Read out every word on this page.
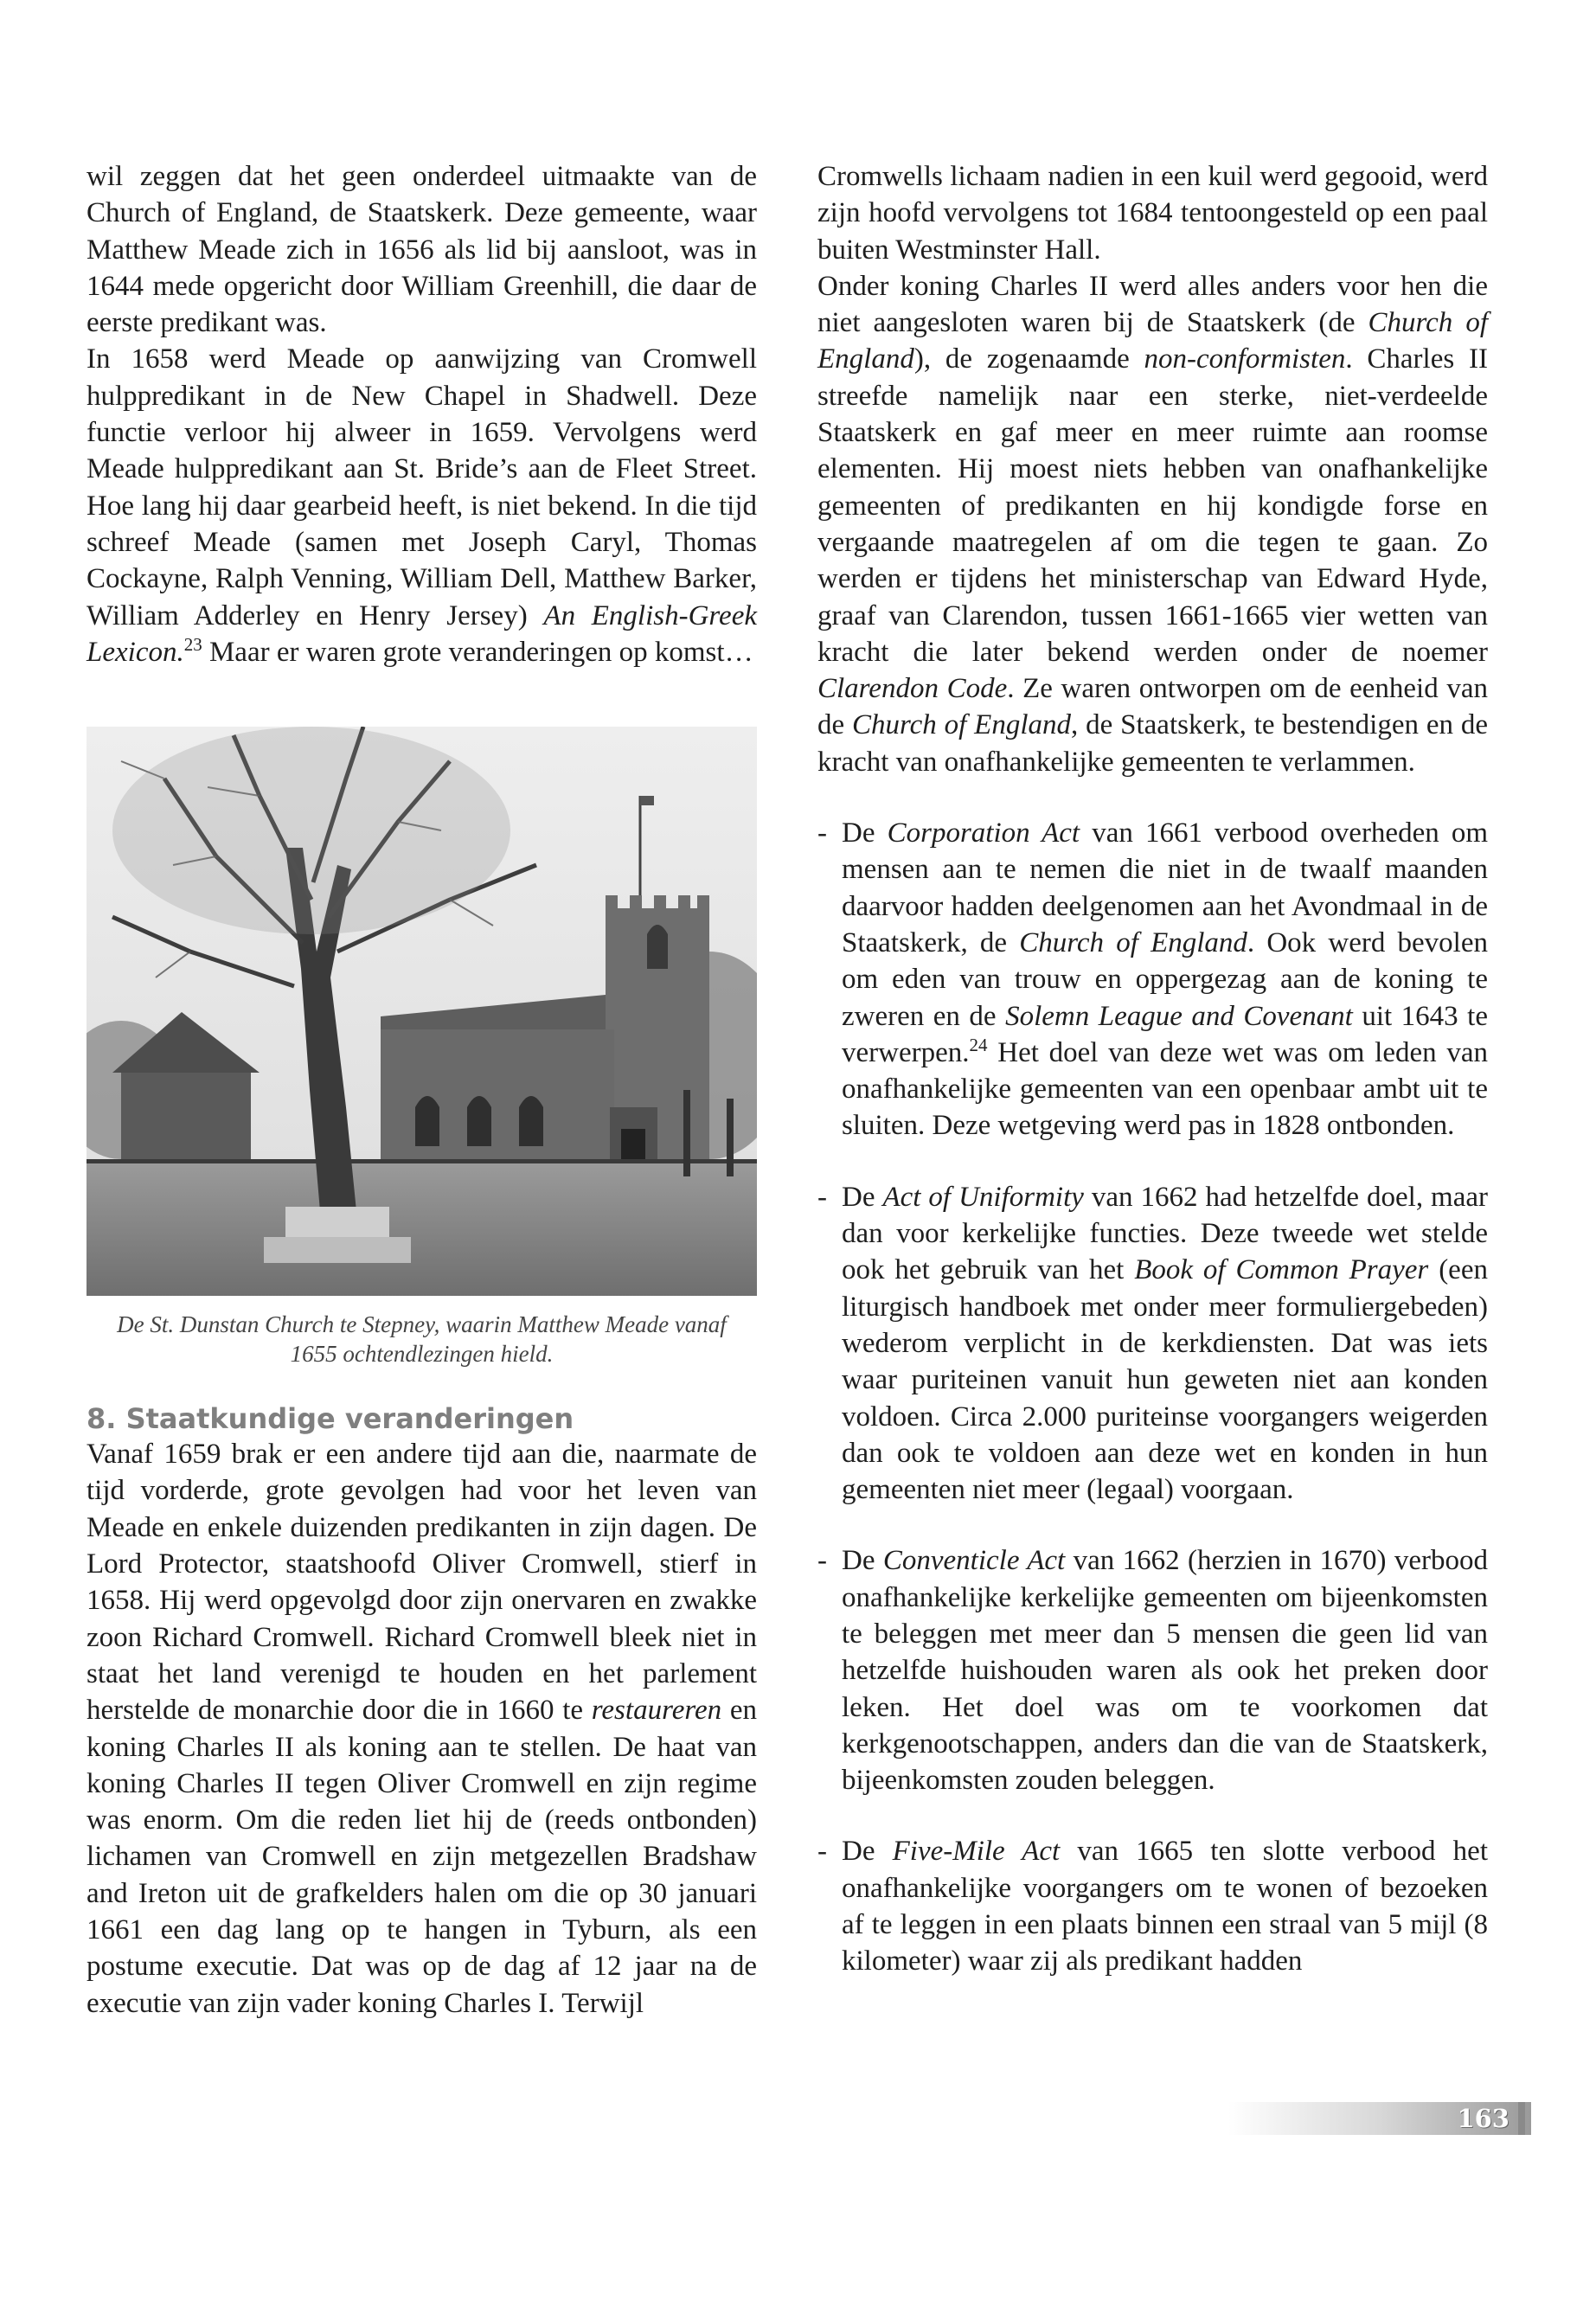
wil zeggen dat het geen onderdeel uitmaakte van de Church of England, de Staatskerk. Deze gemeente, waar Matthew Meade zich in 1656 als lid bij aansloot, was in 1644 mede opgericht door William Greenhill, die daar de eerste predikant was.

In 1658 werd Meade op aanwijzing van Cromwell hulppredikant in de New Chapel in Shadwell. Deze functie verloor hij alweer in 1659. Vervolgens werd Meade hulppredikant aan St. Bride’s aan de Fleet Street. Hoe lang hij daar gearbeid heeft, is niet bekend. In die tijd schreef Meade (samen met Joseph Caryl, Thomas Cockayne, Ralph Venning, William Dell, Matthew Barker, William Adderley en Henry Jersey) An English-Greek Lexicon.$^{23}$ Maar er waren grote veranderingen op komst…

De St. Dunstan Church te Stepney, waarin Matthew Meade vanaf 1655 ochtendlezingen hield.
8. Staatkundige veranderingen

Vanaf 1659 brak er een andere tijd aan die, naarmate de tijd vorderde, grote gevolgen had voor het leven van Meade en enkele duizenden predikanten in zijn dagen. De Lord Protector, staatshoofd Oliver Cromwell, stierf in 1658. Hij werd opgevolgd door zijn onervaren en zwakke zoon Richard Cromwell. Richard Cromwell bleek niet in staat het land verenigd te houden en het parlement herstelde de monarchie door die in 1660 te restaureren en koning Charles II als koning aan te stellen. De haat van koning Charles II tegen Oliver Cromwell en zijn regime was enorm. Om die reden liet hij de (reeds ontbonden) lichamen van Cromwell en zijn metgezellen Bradshaw and Ireton uit de grafkelders halen om die op 30 januari 1661 een dag lang op te hangen in Tyburn, als een postume executie. Dat was op de dag af 12 jaar na de executie van zijn vader koning Charles I. Terwijl

Cromwells lichaam nadien in een kuil werd gegooid, werd zijn hoofd vervolgens tot 1684 tentoongesteld op een paal buiten Westminster Hall.

Onder koning Charles II werd alles anders voor hen die niet aangesloten waren bij de Staatskerk (de Church of England), de zogenaamde non-conformisten. Charles II streefde namelijk naar een sterke, niet-verdeelde Staatskerk en gaf meer en meer ruimte aan roomse elementen. Hij moest niets hebben van onafhankelijke gemeenten of predikanten en hij kondigde forse en vergaande maatregelen af om die tegen te gaan. Zo werden er tijdens het ministerschap van Edward Hyde, graaf van Clarendon, tussen 1661-1665 vier wetten van kracht die later bekend werden onder de noemer Clarendon Code. Ze waren ontworpen om de eenheid van de Church of England, de Staatskerk, te bestendigen en de kracht van onafhankelijke gemeenten te verlammen.

- De Corporation Act van 1661 verbood overheden om mensen aan te nemen die niet in de twaalf maanden daarvoor hadden deelgenomen aan het Avondmaal in de Staatskerk, de Church of England. Ook werd bevolen om eden van trouw en oppergezag aan de koning te zweren en de Solemn League and Covenant uit 1643 te verwerpen.$^{24}$ Het doel van deze wet was om leden van onafhankelijke gemeenten van een openbaar ambt uit te sluiten. Deze wetgeving werd pas in 1828 ontbonden.

- De Act of Uniformity van 1662 had hetzelfde doel, maar dan voor kerkelijke functies. Deze tweede wet stelde ook het gebruik van het Book of Common Prayer (een liturgisch handboek met onder meer formuliergebeden) wederom verplicht in de kerkdiensten. Dat was iets waar puriteinen vanuit hun geweten niet aan konden voldoen. Circa 2.000 puriteinse voorgangers weigerden dan ook te voldoen aan deze wet en konden in hun gemeenten niet meer (legaal) voorgaan.

- De Conventicle Act van 1662 (herzien in 1670) verbood onafhankelijke kerkelijke gemeenten om bijeenkomsten te beleggen met meer dan 5 mensen die geen lid van hetzelfde huishouden waren als ook het preken door leken. Het doel was om te voorkomen dat kerkgenootschappen, anders dan die van de Staatskerk, bijeenkomsten zouden beleggen.

- De Five-Mile Act van 1665 ten slotte verbood het onafhankelijke voorgangers om te wonen of bezoeken af te leggen in een plaats binnen een straal van 5 mijl (8 kilometer) waar zij als predikant hadden

163
